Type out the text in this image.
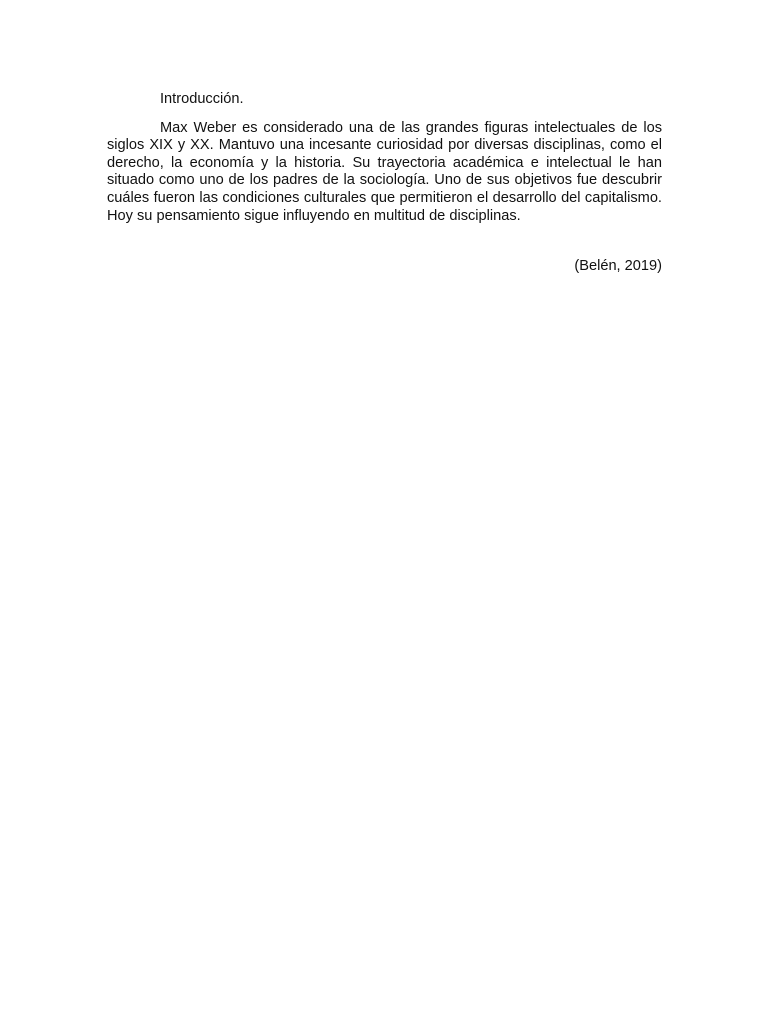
Introducción.

Max Weber es considerado una de las grandes figuras intelectuales de los siglos XIX y XX. Mantuvo una incesante curiosidad por diversas disciplinas, como el derecho, la economía y la historia. Su trayectoria académica e intelectual le han situado como uno de los padres de la sociología. Uno de sus objetivos fue descubrir cuáles fueron las condiciones culturales que permitieron el desarrollo del capitalismo. Hoy su pensamiento sigue influyendo en multitud de disciplinas.

(Belén, 2019)
